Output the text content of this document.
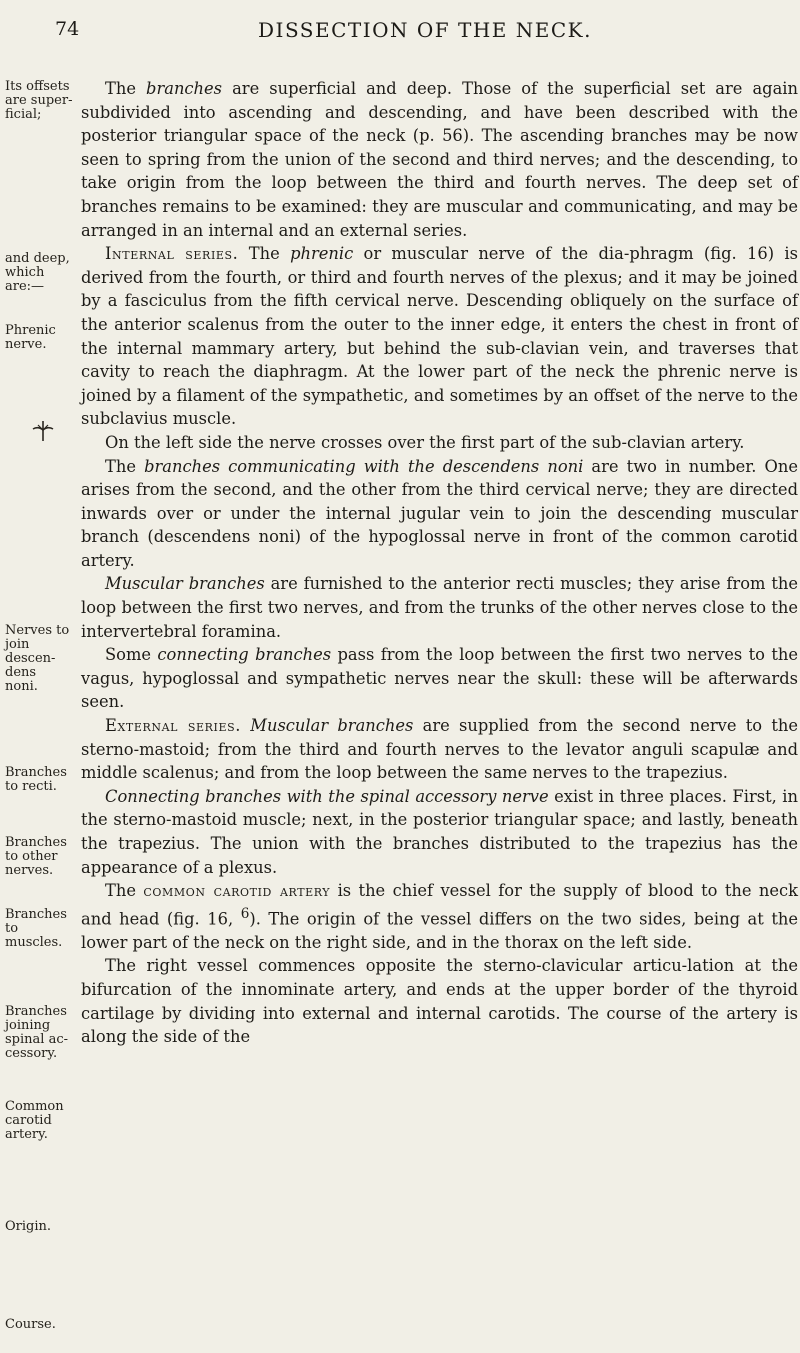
74	DISSECTION OF THE NECK.
Its offsets are super-ficial;
and deep, which are:—
Phrenic nerve.
Nerves to join descen-dens noni.
Branches to recti.
Branches to other nerves.
Branches to muscles.
Branches joining spinal ac-cessory.
Common carotid artery.
Origin.
Course.

The branches are superficial and deep. Those of the superficial set are again subdivided into ascending and descending, and have been described with the posterior triangular space of the neck (p. 56). The ascending branches may be now seen to spring from the union of the second and third nerves; and the descending, to take origin from the loop between the third and fourth nerves. The deep set of branches remains to be examined: they are muscular and communicating, and may be arranged in an internal and an external series.

Internal series. The phrenic or muscular nerve of the dia-phragm (fig. 16) is derived from the fourth, or third and fourth nerves of the plexus; and it may be joined by a fasciculus from the fifth cervical nerve. Descending obliquely on the surface of the anterior scalenus from the outer to the inner edge, it enters the chest in front of the internal mammary artery, but behind the sub-clavian vein, and traverses that cavity to reach the diaphragm. At the lower part of the neck the phrenic nerve is joined by a filament of the sympathetic, and sometimes by an offset of the nerve to the subclavius muscle.

On the left side the nerve crosses over the first part of the sub-clavian artery.

The branches communicating with the descendens noni are two in number. One arises from the second, and the other from the third cervical nerve; they are directed inwards over or under the internal jugular vein to join the descending muscular branch (descendens noni) of the hypoglossal nerve in front of the common carotid artery.

Muscular branches are furnished to the anterior recti muscles; they arise from the loop between the first two nerves, and from the trunks of the other nerves close to the intervertebral foramina.

Some connecting branches pass from the loop between the first two nerves to the vagus, hypoglossal and sympathetic nerves near the skull: these will be afterwards seen.

External series. Muscular branches are supplied from the second nerve to the sterno-mastoid; from the third and fourth nerves to the levator anguli scapulæ and middle scalenus; and from the loop between the same nerves to the trapezius.

Connecting branches with the spinal accessory nerve exist in three places. First, in the sterno-mastoid muscle; next, in the posterior triangular space; and lastly, beneath the trapezius. The union with the branches distributed to the trapezius has the appearance of a plexus.

The common carotid artery is the chief vessel for the supply of blood to the neck and head (fig. 16, $^6$). The origin of the vessel differs on the two sides, being at the lower part of the neck on the right side, and in the thorax on the left side.

The right vessel commences opposite the sterno-clavicular articu-lation at the bifurcation of the innominate artery, and ends at the upper border of the thyroid cartilage by dividing into external and internal carotids. The course of the artery is along the side of the
